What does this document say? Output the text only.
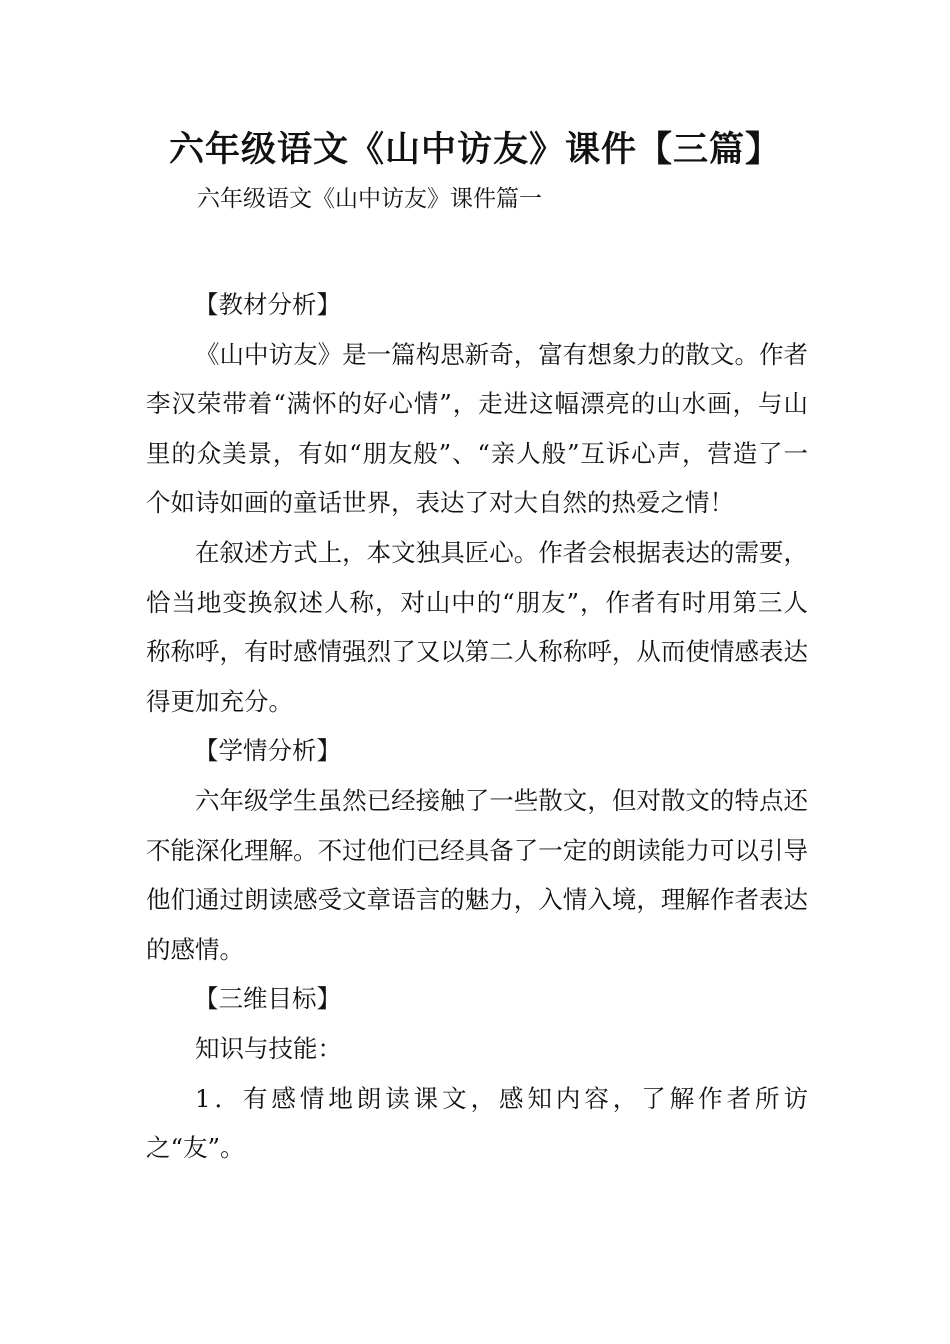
六年级语文《山中访友》课件【三篇】

六年级语文《山中访友》课件篇一

【教材分析】

《山中访友》是一篇构思新奇，富有想象力的散文。作者李汉荣带着“满怀的好心情”，走进这幅漂亮的山水画，与山里的众美景，有如“朋友般”、“亲人般”互诉心声，营造了一个如诗如画的童话世界，表达了对大自然的热爱之情！

在叙述方式上，本文独具匠心。作者会根据表达的需要，恰当地变换叙述人称，对山中的“朋友”，作者有时用第三人称称呼，有时感情强烈了又以第二人称称呼，从而使情感表达得更加充分。

【学情分析】

六年级学生虽然已经接触了一些散文，但对散文的特点还不能深化理解。不过他们已经具备了一定的朗读能力可以引导他们通过朗读感受文章语言的魅力，入情入境，理解作者表达的感情。

【三维目标】

知识与技能：

1．有感情地朗读课文，感知内容，了解作者所访之“友”。
